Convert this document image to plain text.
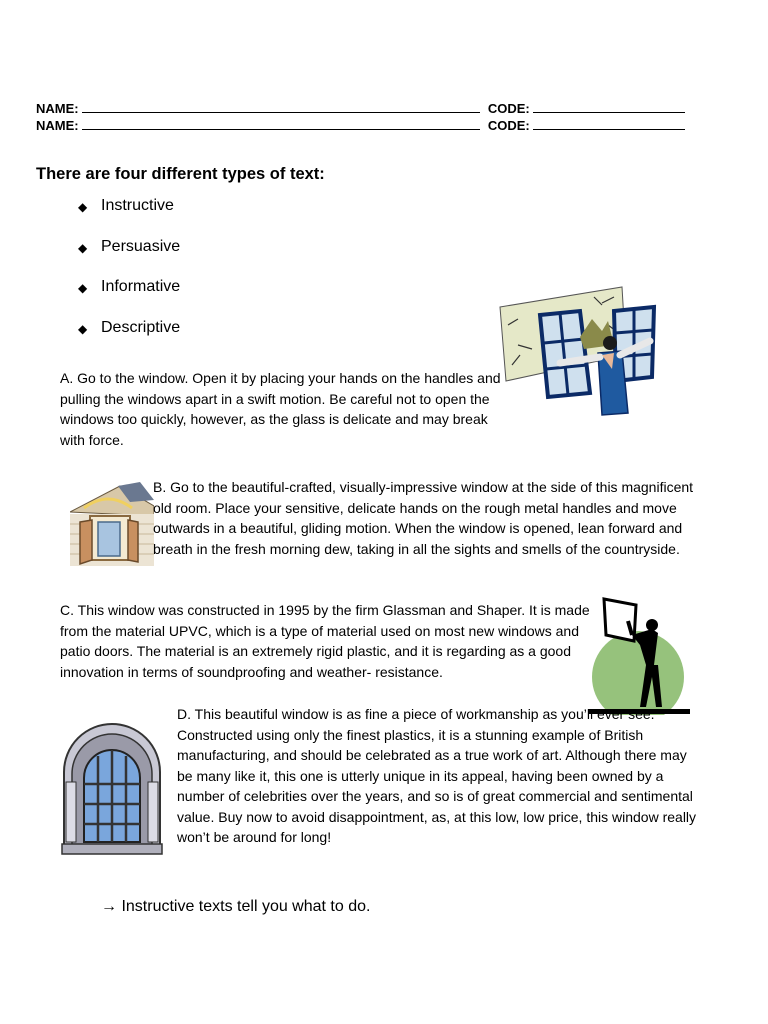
NAME:	CODE:
NAME:	CODE:
There are four different types of text:
◆ Instructive
◆ Persuasive
◆ Informative
◆ Descriptive
A. Go to the window. Open it by placing your hands on the handles and pulling the windows apart in a swift motion. Be careful not to open the windows too quickly, however, as the glass is delicate and may break with force.
B. Go to the beautiful-crafted, visually-impressive window at the side of this magnificent old room. Place your sensitive, delicate hands on the rough metal handles and move outwards in a beautiful, gliding motion. When the window is opened, lean forward and breath in the fresh morning dew, taking in all the sights and smells of the countryside.
C. This window was constructed in 1995 by the firm Glassman and Shaper. It is made from the material UPVC, which is a type of material used on most new windows and patio doors. The material is an extremely rigid plastic, and it is regarding as a good innovation in terms of soundproofing and weather- resistance.
D. This beautiful window is as fine a piece of workmanship as you’ll ever see. Constructed using only the finest plastics, it is a stunning example of British manufacturing, and should be celebrated as a true work of art. Although there may be many like it, this one is utterly unique in its appeal, having been owned by a number of celebrities over the years, and so is of great commercial and sentimental value. Buy now to avoid disappointment, as, at this low, low price, this window really won’t be around for long!
→ Instructive texts tell you what to do.
